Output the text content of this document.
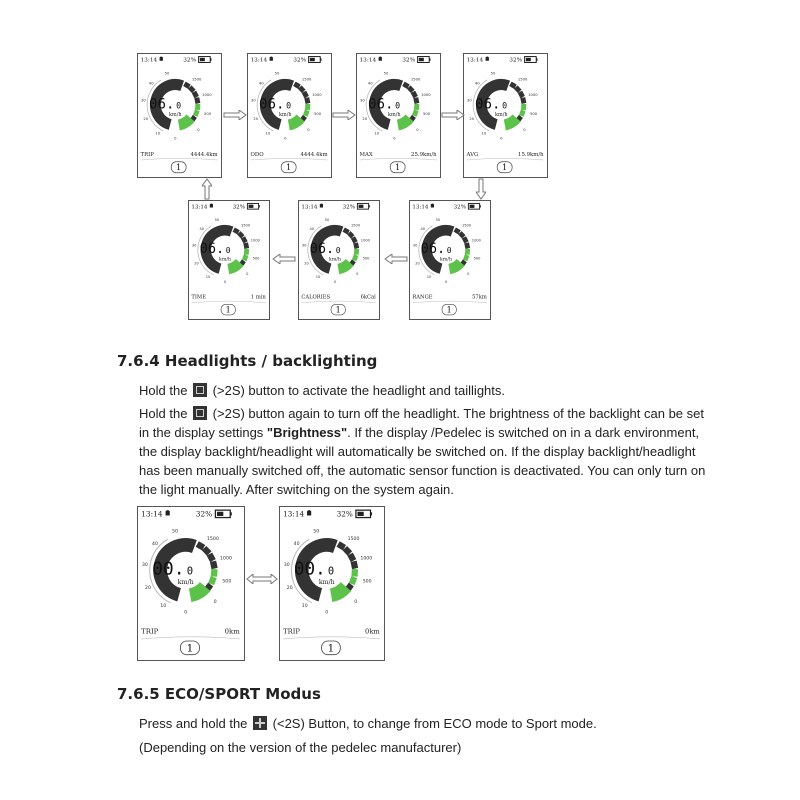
13:14	32%
50
40
30
20
10
0
1500
1000
500
0
06. 0
km/h
TRIP	4444.4km
1
13:14	32%
50
40
30
20
10
0
1500
1000
500
0
06. 0
km/h
ODO	4444.4km
1
13:14	32%
50
40
30
20
10
0
1500
1000
500
0
06. 0
km/h
MAX	25.9km/h
1
13:14	32%
50
40
30
20
10
0
1500
1000
500
0
06. 0
km/h
AVG	15.9km/h
1
13:14	32%
50
40
30
20
10
0
1500
1000
500
0
06. 0
km/h
TIME	1 min
1
13:14	32%
50
40
30
20
10
0
1500
1000
500
0
06. 0
km/h
CALORIES	6kCal
1
13:14	32%
50
40
30
20
10
0
1500
1000
500
0
06. 0
km/h
RANGE	57km
1
7.6.4 Headlights / backlighting
Hold the (>2S) button to activate the headlight and taillights.
Hold the (>2S) button again to turn off the headlight. The brightness of the backlight can be set
in the display settings "Brightness". If the display /Pedelec is switched on in a dark environment,
the display backlight/headlight will automatically be switched on. If the display backlight/headlight
has been manually switched off, the automatic sensor function is deactivated. You can only turn on
the light manually. After switching on the system again.
13:14	32%
50
40
30
20
10
0
1500
1000
500
0
00. 0
km/h
TRIP	0km
1
13:14	32%
50
40
30
20
10
0
1500
1000
500
0
00. 0
km/h
TRIP	0km
1
7.6.5 ECO/SPORT Modus
Press and hold the (<2S) Button, to change from ECO mode to Sport mode.
(Depending on the version of the pedelec manufacturer)
